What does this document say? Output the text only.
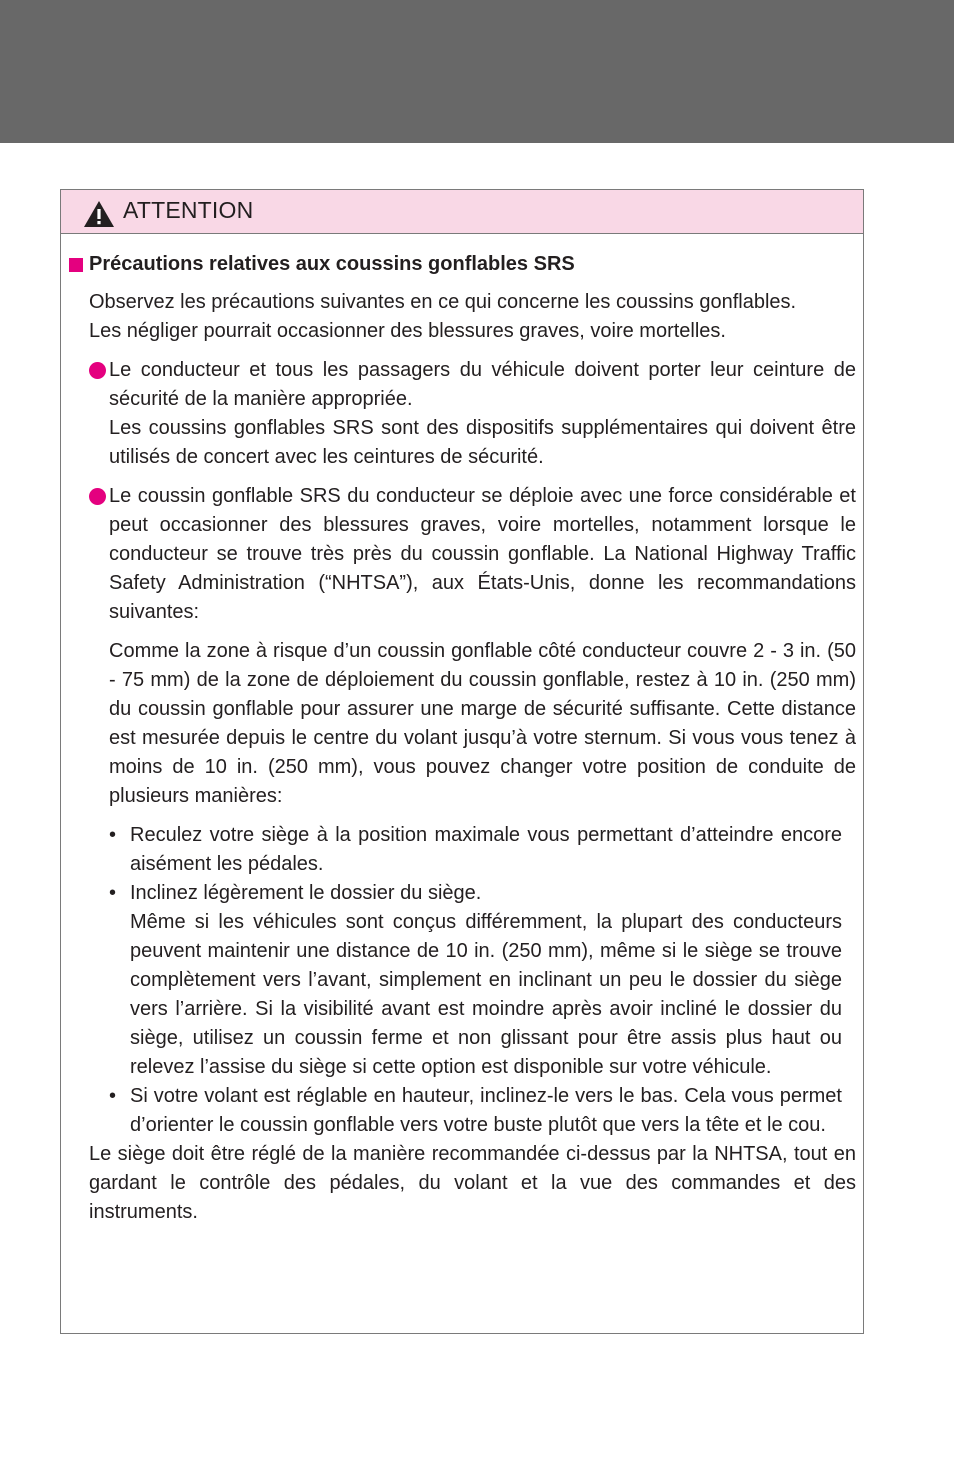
ATTENTION
Précautions relatives aux coussins gonflables SRS

Observez les précautions suivantes en ce qui concerne les coussins gonflables.

Les négliger pourrait occasionner des blessures graves, voire mortelles.

Le conducteur et tous les passagers du véhicule doivent porter leur ceinture de sécurité de la manière appropriée.

Les coussins gonflables SRS sont des dispositifs supplémentaires qui doivent être utilisés de concert avec les ceintures de sécurité.

Le coussin gonflable SRS du conducteur se déploie avec une force considérable et peut occasionner des blessures graves, voire mortelles, notamment lorsque le conducteur se trouve très près du coussin gonflable. La National Highway Traffic Safety Administration (“NHTSA”), aux États-Unis, donne les recommandations suivantes:

Comme la zone à risque d’un coussin gonflable côté conducteur couvre 2 - 3 in. (50 - 75 mm) de la zone de déploiement du coussin gonflable, restez à 10 in. (250 mm) du coussin gonflable pour assurer une marge de sécurité suffisante. Cette distance est mesurée depuis le centre du volant jusqu’à votre sternum. Si vous vous tenez à moins de 10 in. (250 mm), vous pouvez changer votre position de conduite de plusieurs manières:

• Reculez votre siège à la position maximale vous permettant d’atteindre encore aisément les pédales.

• Inclinez légèrement le dossier du siège.

Même si les véhicules sont conçus différemment, la plupart des conducteurs peuvent maintenir une distance de 10 in. (250 mm), même si le siège se trouve complètement vers l’avant, simplement en inclinant un peu le dossier du siège vers l’arrière. Si la visibilité avant est moindre après avoir incliné le dossier du siège, utilisez un coussin ferme et non glissant pour être assis plus haut ou relevez l’assise du siège si cette option est disponible sur votre véhicule.

• Si votre volant est réglable en hauteur, inclinez-le vers le bas. Cela vous permet d’orienter le coussin gonflable vers votre buste plutôt que vers la tête et le cou.

Le siège doit être réglé de la manière recommandée ci-dessus par la NHTSA, tout en gardant le contrôle des pédales, du volant et la vue des commandes et des instruments.
